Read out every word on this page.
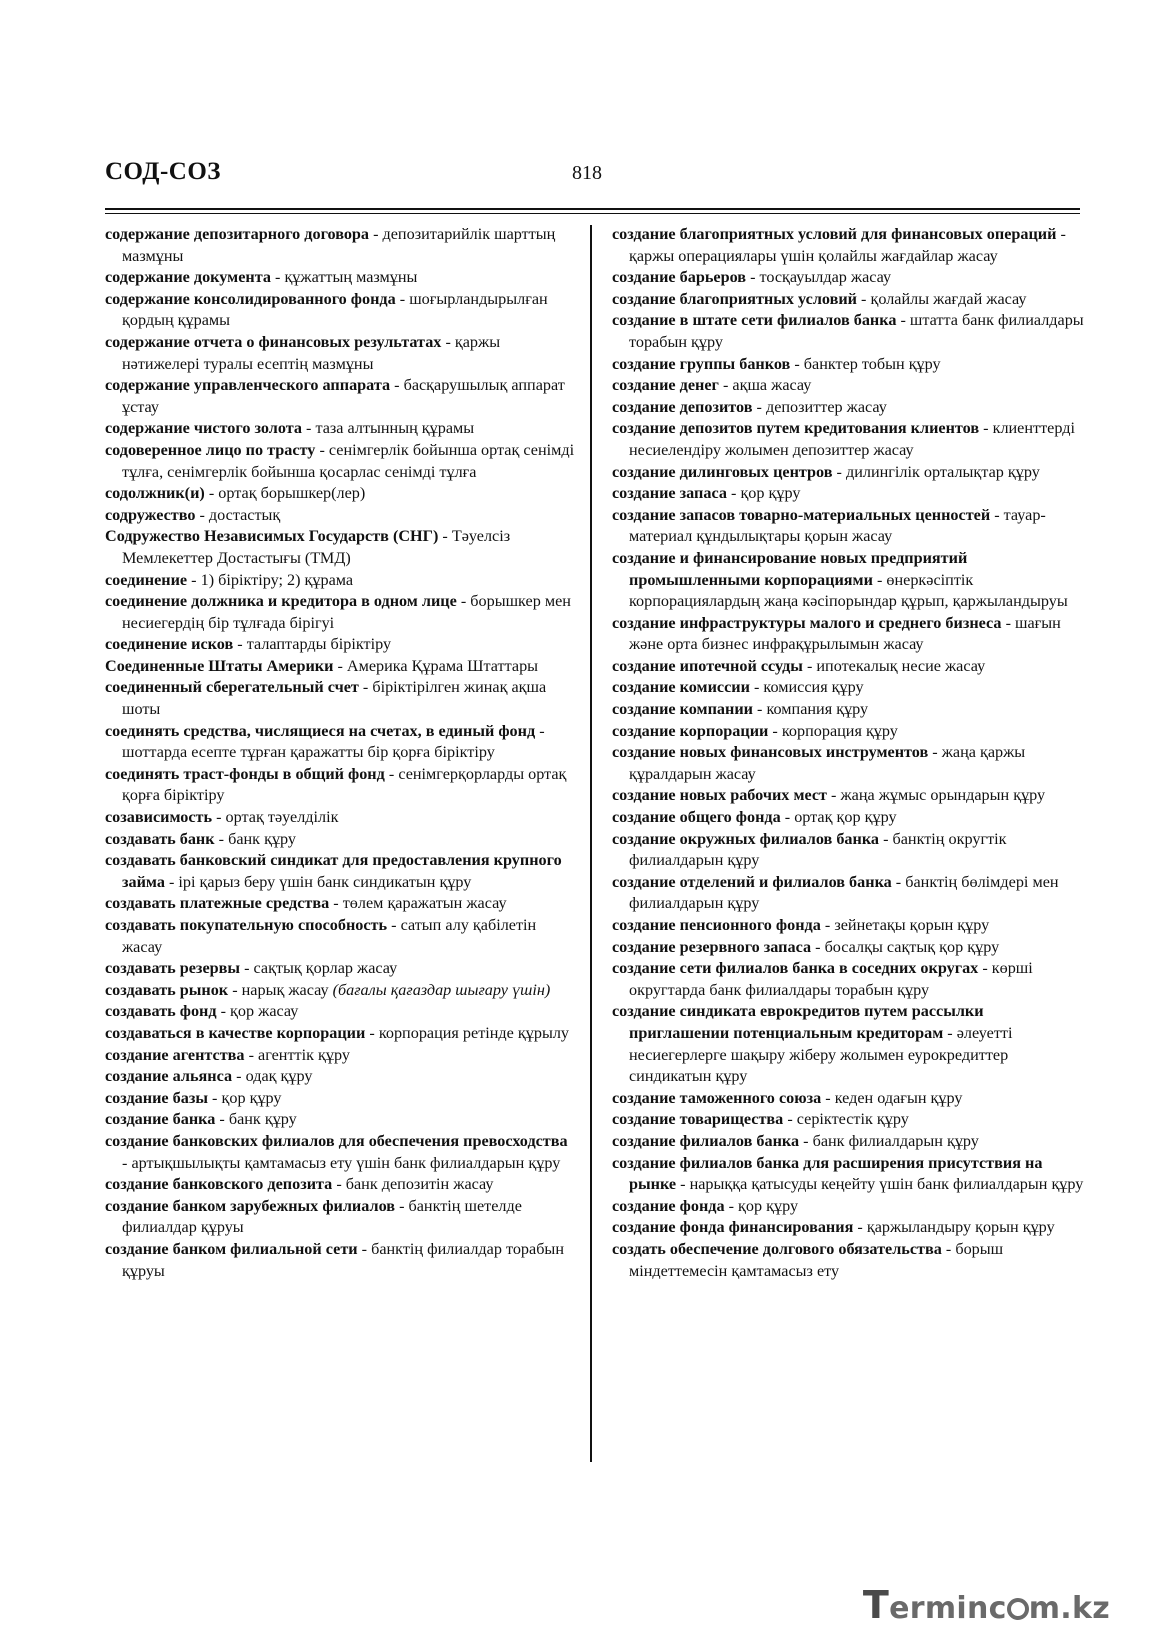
СОД-СОЗ	818

содержание депозитарного договора - депозитарийлік шарттың мазмұны

содержание документа - құжаттың мазмұны

содержание консолидированного фонда - шоғырландырылған қордың құрамы

содержание отчета о финансовых результатах - қаржы нәтижелері туралы есептің мазмұны

содержание управленческого аппарата - басқарушылық аппарат ұстау

содержание чистого золота - таза алтынның құрамы

содоверенное лицо по трасту - сенімгерлік бойынша ортақ сенімді тұлға, сенімгерлік бойынша қосарлас сенімді тұлға

содолжник(и) - ортақ борышкер(лер)

содружество - достастық

Содружество Независимых Государств (СНГ) - Тәуелсіз Мемлекеттер Достастығы (ТМД)

соединение - 1) біріктіру; 2) құрама

соединение должника и кредитора в одном лице - борышкер мен несиегердің бір тұлғада бірігуі

соединение исков - талаптарды біріктіру

Соединенные Штаты Америки - Америка Құрама Штаттары

соединенный сберегательный счет - біріктірілген жинақ ақша шоты

соединять средства, числящиеся на счетах, в единый фонд - шоттарда есепте тұрған қаражатты бір қорға біріктіру

соединять траст-фонды в общий фонд - сенімгерқорларды ортақ қорға біріктіру

созависимость - ортақ тәуелділік

создавать банк - банк құру

создавать банковский синдикат для предоставления крупного займа - ірі қарыз беру үшін банк синдикатын құру

создавать платежные средства - төлем қаражатын жасау

создавать покупательную способность - сатып алу қабілетін жасау

создавать резервы - сақтық қорлар жасау

создавать рынок - нарық жасау (бағалы қағаздар шығару үшін)

создавать фонд - қор жасау

создаваться в качестве корпорации - корпорация ретінде құрылу

создание агентства - агенттік құру

создание альянса - одақ құру

создание базы - қор құру

создание банка - банк құру

создание банковских филиалов для обеспечения превосходства - артықшылықты қамтамасыз ету үшін банк филиалдарын құру

создание банковского депозита - банк депозитін жасау

создание банком зарубежных филиалов - банктің шетелде филиалдар құруы

создание банком филиальной сети - банктің филиалдар торабын құруы

создание благоприятных условий для финансовых операций - қаржы операциялары үшін қолайлы жағдайлар жасау

создание барьеров - тосқауылдар жасау

создание благоприятных условий - қолайлы жағдай жасау

создание в штате сети филиалов банка - штатта банк филиалдары торабын құру

создание группы банков - банктер тобын құру

создание денег - ақша жасау

создание депозитов - депозиттер жасау

создание депозитов путем кредитования клиентов - клиенттерді несиелендіру жолымен депозиттер жасау

создание дилинговых центров - дилингілік орталықтар құру

создание запаса - қор құру

создание запасов товарно-материальных ценностей - тауар-материал құндылықтары қорын жасау

создание и финансирование новых предприятий промышленными корпорациями - өнеркәсіптік корпорациялардың жаңа кәсіпорындар құрып, қаржыландыруы

создание инфраструктуры малого и среднего бизнеса - шағын және орта бизнес инфрақұрылымын жасау

создание ипотечной ссуды - ипотекалық несие жасау

создание комиссии - комиссия құру

создание компании - компания құру

создание корпорации - корпорация құру

создание новых финансовых инструментов - жаңа қаржы құралдарын жасау

создание новых рабочих мест - жаңа жұмыс орындарын құру

создание общего фонда - ортақ қор құру

создание окружных филиалов банка - банктің округтік филиалдарын құру

создание отделений и филиалов банка - банктің бөлімдері мен филиалдарын құру

создание пенсионного фонда - зейнетақы қорын құру

создание резервного запаса - босалқы сақтық қор құру

создание сети филиалов банка в соседних округах - көрші округтарда банк филиалдары торабын құру

создание синдиката еврокредитов путем рассылки приглашении потенциальным кредиторам - әлеуетті несиегерлерге шақыру жіберу жолымен еурокредиттер синдикатын құру

создание таможенного союза - кеден одағын құру

создание товарищества - серіктестік құру

создание филиалов банка - банк филиалдарын құру

создание филиалов банка для расширения присутствия на рынке - нарыққа қатысуды кеңейту үшін банк филиалдарын құру

создание фонда - қор құру

создание фонда финансирования - қаржыландыру қорын құру

создать обеспечение долгового обязательства - борыш міндеттемесін қамтамасыз ету

Terminc m.kz
